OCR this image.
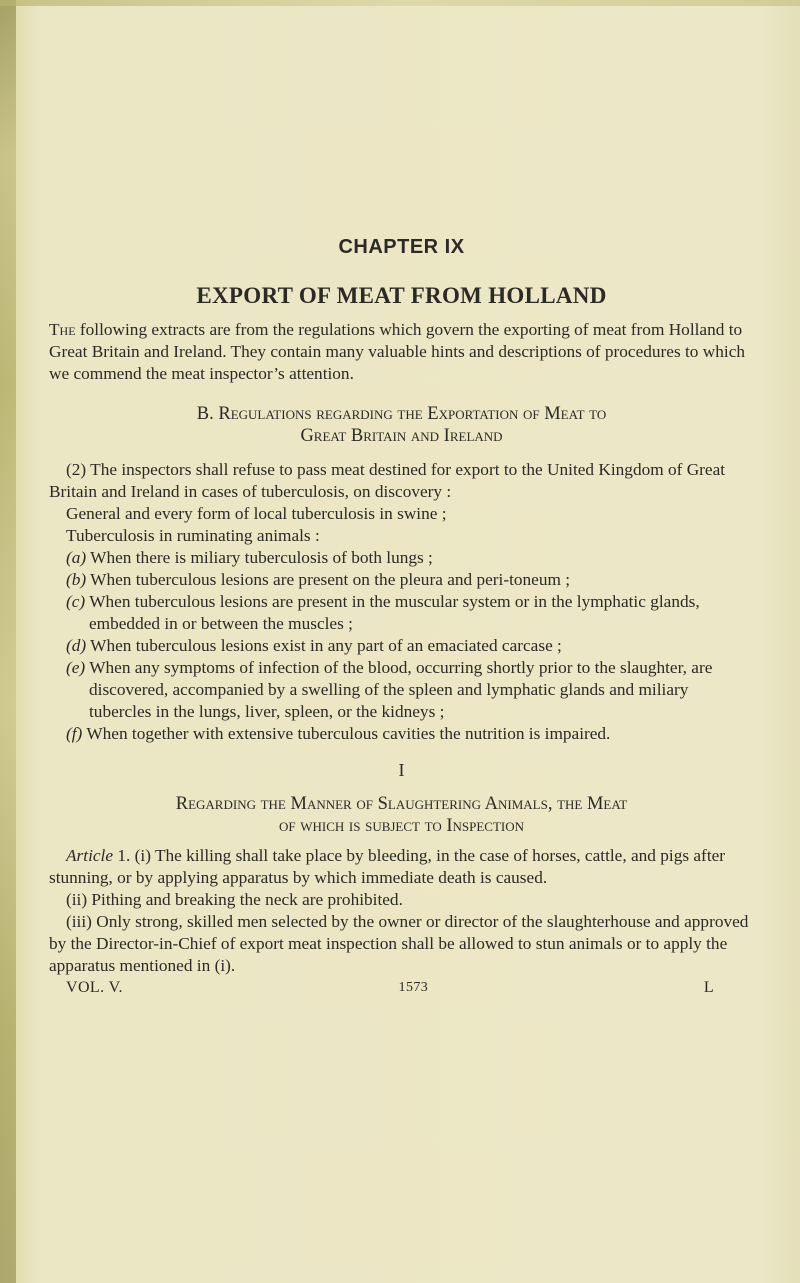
CHAPTER IX
EXPORT OF MEAT FROM HOLLAND

The following extracts are from the regulations which govern the exporting of meat from Holland to Great Britain and Ireland. They contain many valuable hints and descriptions of procedures to which we commend the meat inspector’s attention.

B. Regulations regarding the Exportation of Meat to
Great Britain and Ireland

(2) The inspectors shall refuse to pass meat destined for export to the United Kingdom of Great Britain and Ireland in cases of tuberculosis, on discovery :

General and every form of local tuberculosis in swine ;

Tuberculosis in ruminating animals :

(a) When there is miliary tuberculosis of both lungs ;

(b) When tuberculous lesions are present on the pleura and peri-toneum ;

(c) When tuberculous lesions are present in the muscular system or in the lymphatic glands, embedded in or between the muscles ;

(d) When tuberculous lesions exist in any part of an emaciated carcase ;

(e) When any symptoms of infection of the blood, occurring shortly prior to the slaughter, are discovered, accompanied by a swelling of the spleen and lymphatic glands and miliary tubercles in the lungs, liver, spleen, or the kidneys ;

(f) When together with extensive tuberculous cavities the nutrition is impaired.

I
Regarding the Manner of Slaughtering Animals, the Meat
of which is subject to Inspection

Article 1. (i) The killing shall take place by bleeding, in the case of horses, cattle, and pigs after stunning, or by applying apparatus by which immediate death is caused.

(ii) Pithing and breaking the neck are prohibited.

(iii) Only strong, skilled men selected by the owner or director of the slaughterhouse and approved by the Director-in-Chief of export meat inspection shall be allowed to stun animals or to apply the apparatus mentioned in (i).

VOL. V.	1573	L
